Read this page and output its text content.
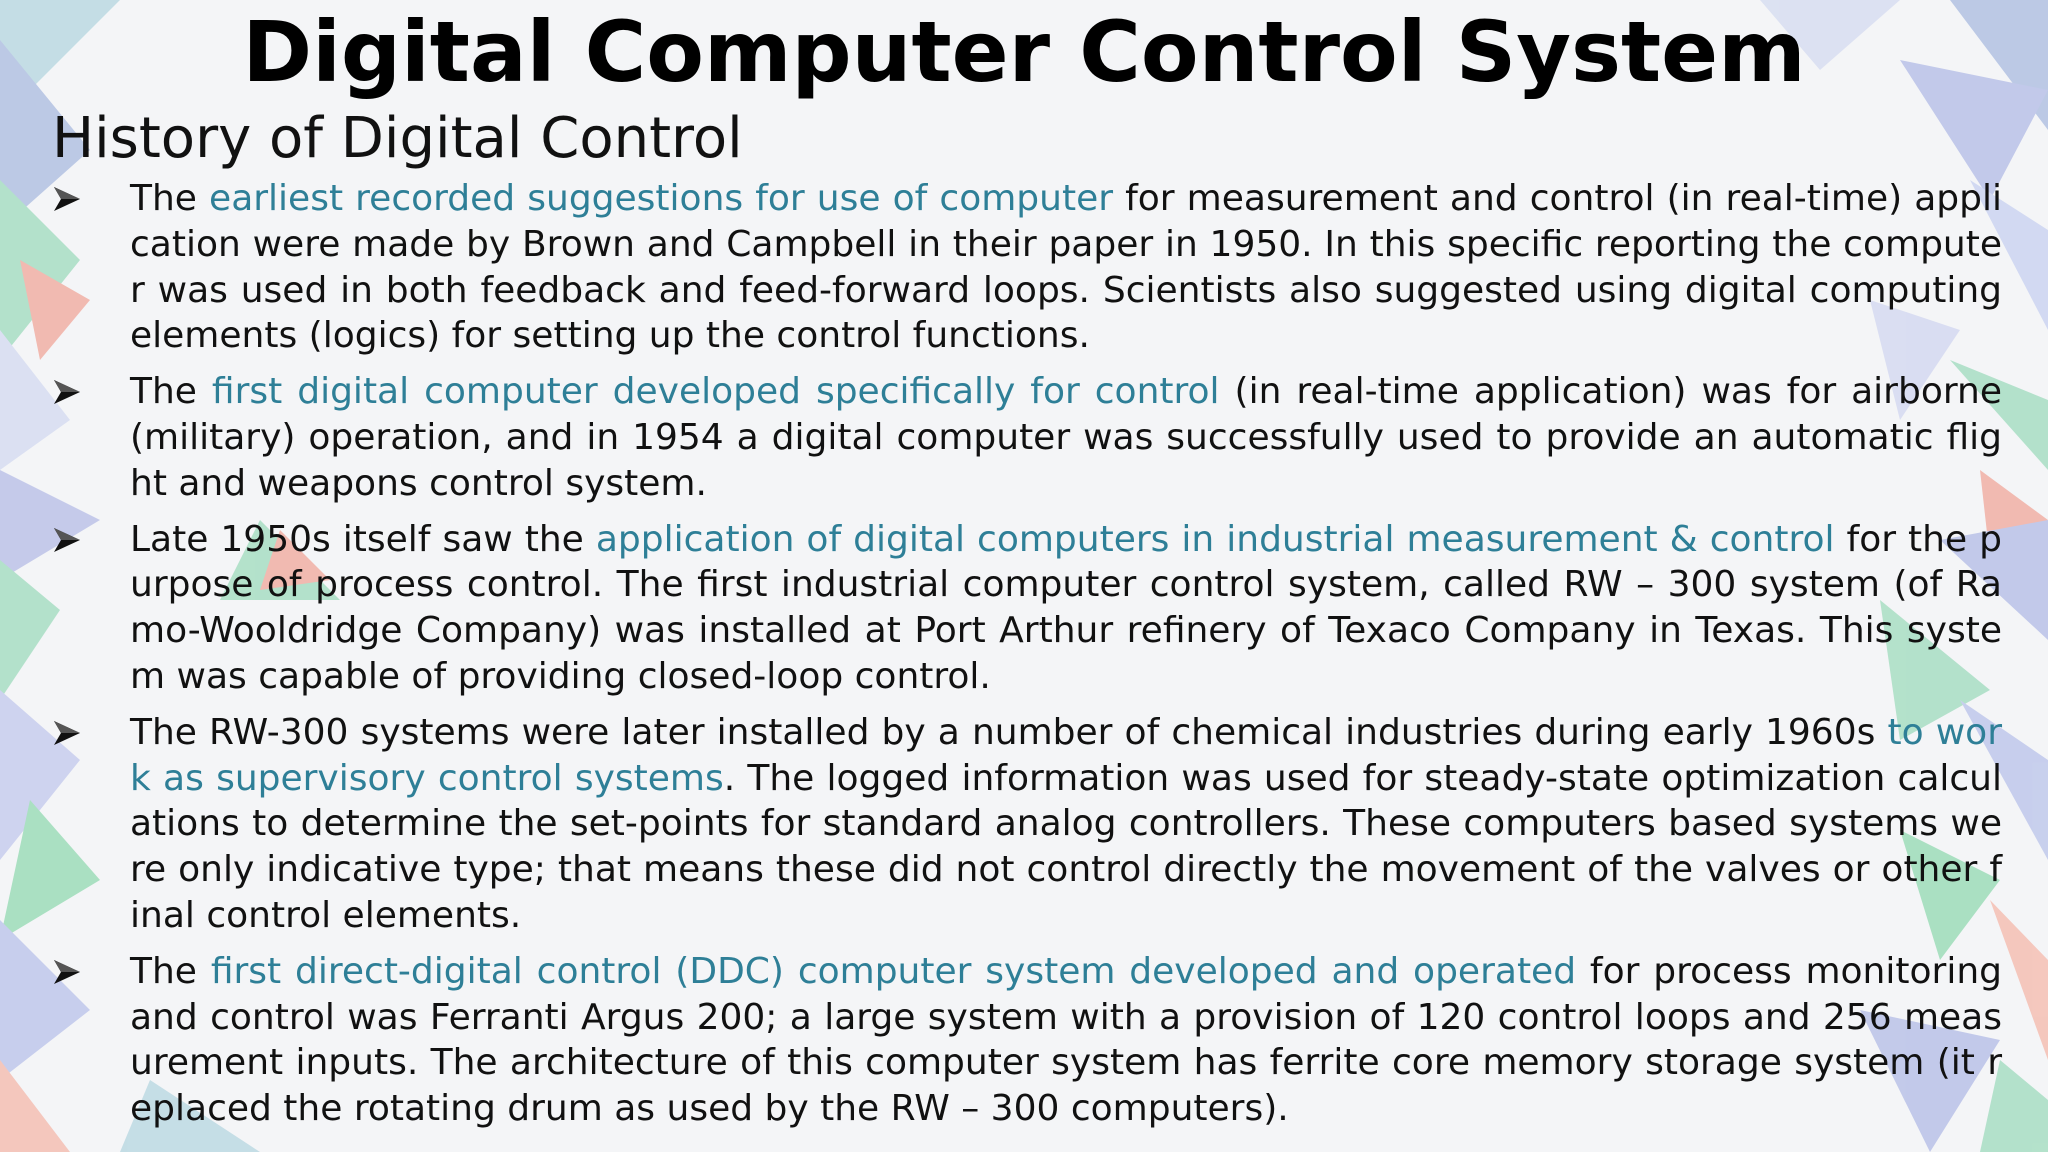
Digital Computer Control System
History of Digital Control
The earliest recorded suggestions for use of computer for measurement and control (in real-time) application were made by Brown and Campbell in their paper in 1950. In this specific reporting the computer was used in both feedback and feed-forward loops. Scientists also suggested using digital computing elements (logics) for setting up the control functions.
The first digital computer developed specifically for control (in real-time application) was for airborne (military) operation, and in 1954 a digital computer was successfully used to provide an automatic flight and weapons control system.
Late 1950s itself saw the application of digital computers in industrial measurement & control for the purpose of process control. The first industrial computer control system, called RW – 300 system (of Ramo-Wooldridge Company) was installed at Port Arthur refinery of Texaco Company in Texas. This system was capable of providing closed-loop control.
The RW-300 systems were later installed by a number of chemical industries during early 1960s to work as supervisory control systems. The logged information was used for steady-state optimization calculations to determine the set-points for standard analog controllers. These computers based systems were only indicative type; that means these did not control directly the movement of the valves or other final control elements.
The first direct-digital control (DDC) computer system developed and operated for process monitoring and control was Ferranti Argus 200; a large system with a provision of 120 control loops and 256 measurement inputs. The architecture of this computer system has ferrite core memory storage system (it replaced the rotating drum as used by the RW – 300 computers).
